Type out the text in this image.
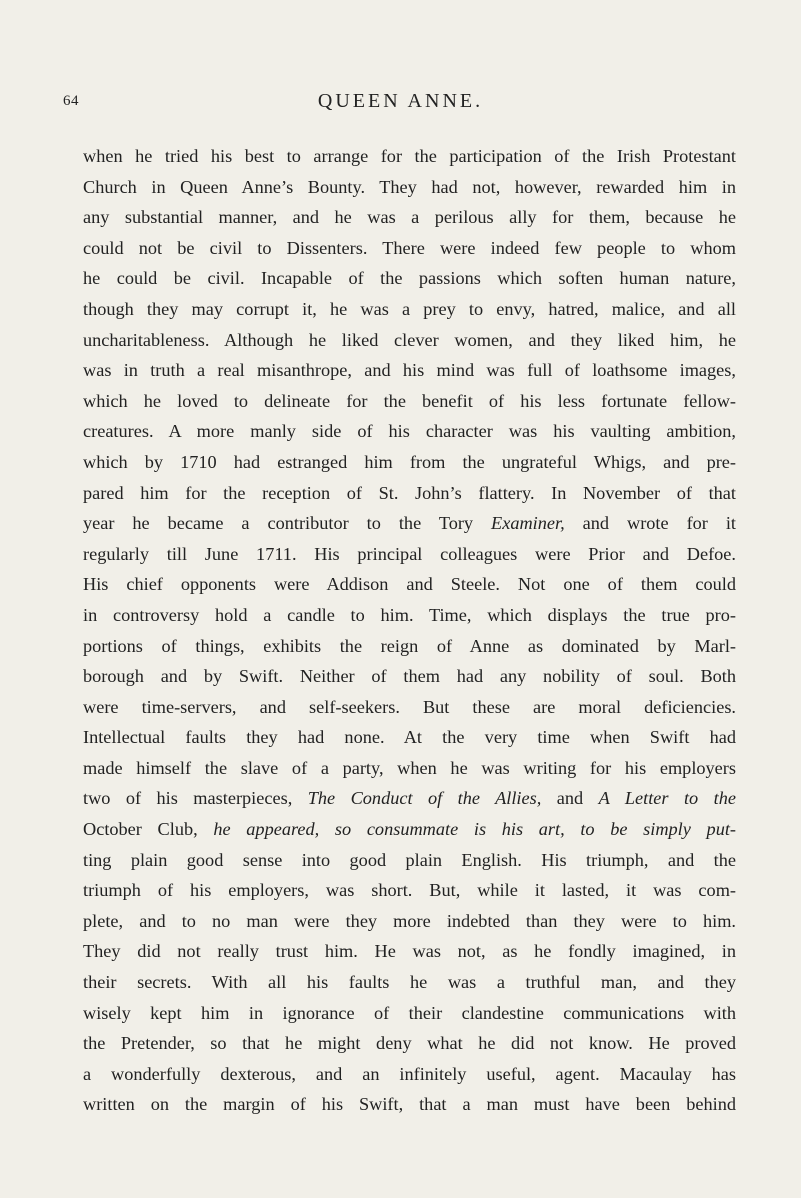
64	QUEEN ANNE.
when he tried his best to arrange for the participation of the Irish Protestant
Church in Queen Anne’s Bounty. They had not, however, rewarded him in
any substantial manner, and he was a perilous ally for them, because he
could not be civil to Dissenters. There were indeed few people to whom
he could be civil. Incapable of the passions which soften human nature,
though they may corrupt it, he was a prey to envy, hatred, malice, and all
uncharitableness. Although he liked clever women, and they liked him, he
was in truth a real misanthrope, and his mind was full of loathsome images,
which he loved to delineate for the benefit of his less fortunate fellow-
creatures. A more manly side of his character was his vaulting ambition,
which by 1710 had estranged him from the ungrateful Whigs, and pre-
pared him for the reception of St. John’s flattery. In November of that
year he became a contributor to the Tory Examiner, and wrote for it
regularly till June 1711. His principal colleagues were Prior and Defoe.
His chief opponents were Addison and Steele. Not one of them could
in controversy hold a candle to him. Time, which displays the true pro-
portions of things, exhibits the reign of Anne as dominated by Marl-
borough and by Swift. Neither of them had any nobility of soul. Both
were time-servers, and self-seekers. But these are moral deficiencies.
Intellectual faults they had none. At the very time when Swift had
made himself the slave of a party, when he was writing for his employers
two of his masterpieces, The Conduct of the Allies, and A Letter to the
October Club, he appeared, so consummate is his art, to be simply put-
ting plain good sense into good plain English. His triumph, and the
triumph of his employers, was short. But, while it lasted, it was com-
plete, and to no man were they more indebted than they were to him.
They did not really trust him. He was not, as he fondly imagined, in
their secrets. With all his faults he was a truthful man, and they
wisely kept him in ignorance of their clandestine communications with
the Pretender, so that he might deny what he did not know. He proved
a wonderfully dexterous, and an infinitely useful, agent. Macaulay has
written on the margin of his Swift, that a man must have been behind
